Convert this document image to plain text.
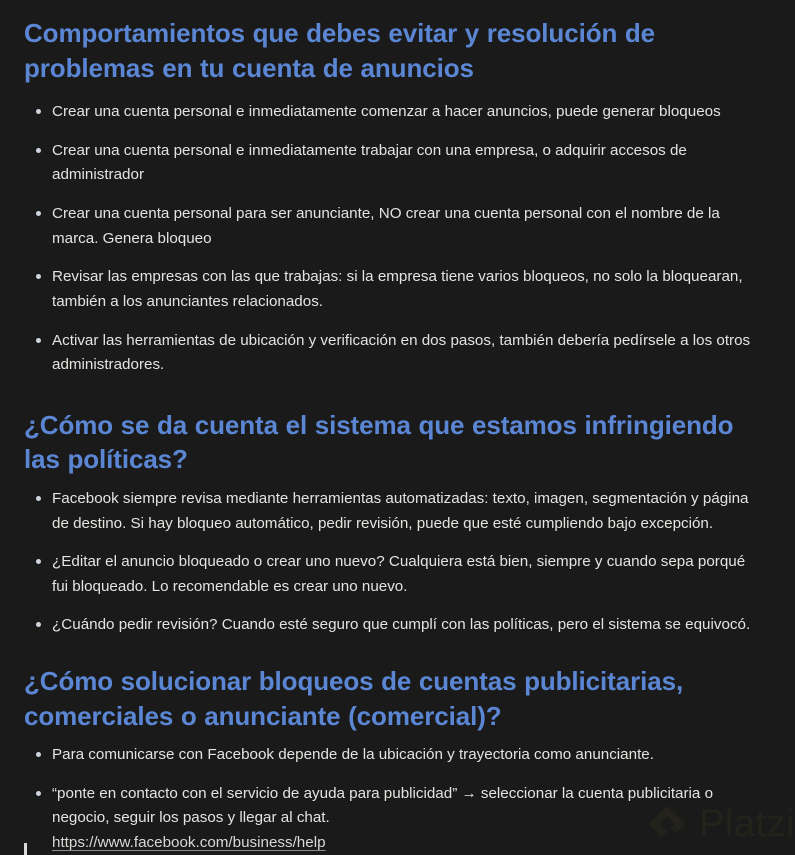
Comportamientos que debes evitar y resolución de problemas en tu cuenta de anuncios
Crear una cuenta personal e inmediatamente comenzar a hacer anuncios, puede generar bloqueos
Crear una cuenta personal e inmediatamente trabajar con una empresa, o adquirir accesos de administrador
Crear una cuenta personal para ser anunciante, NO crear una cuenta personal con el nombre de la marca. Genera bloqueo
Revisar las empresas con las que trabajas: si la empresa tiene varios bloqueos, no solo la bloquearan, también a los anunciantes relacionados.
Activar las herramientas de ubicación y verificación en dos pasos, también debería pedírsele a los otros administradores.
¿Cómo se da cuenta el sistema que estamos infringiendo las políticas?
Facebook siempre revisa mediante herramientas automatizadas: texto, imagen, segmentación y página de destino. Si hay bloqueo automático, pedir revisión, puede que esté cumpliendo bajo excepción.
¿Editar el anuncio bloqueado o crear uno nuevo? Cualquiera está bien, siempre y cuando sepa porqué fui bloqueado. Lo recomendable es crear uno nuevo.
¿Cuándo pedir revisión? Cuando esté seguro que cumplí con las políticas, pero el sistema se equivocó.
¿Cómo solucionar bloqueos de cuentas publicitarias, comerciales o anunciante (comercial)?
Para comunicarse con Facebook depende de la ubicación y trayectoria como anunciante.
“ponte en contacto con el servicio de ayuda para publicidad” → seleccionar la cuenta publicitaria o negocio, seguir los pasos y llegar al chat.
https://www.facebook.com/business/help	Platzi
